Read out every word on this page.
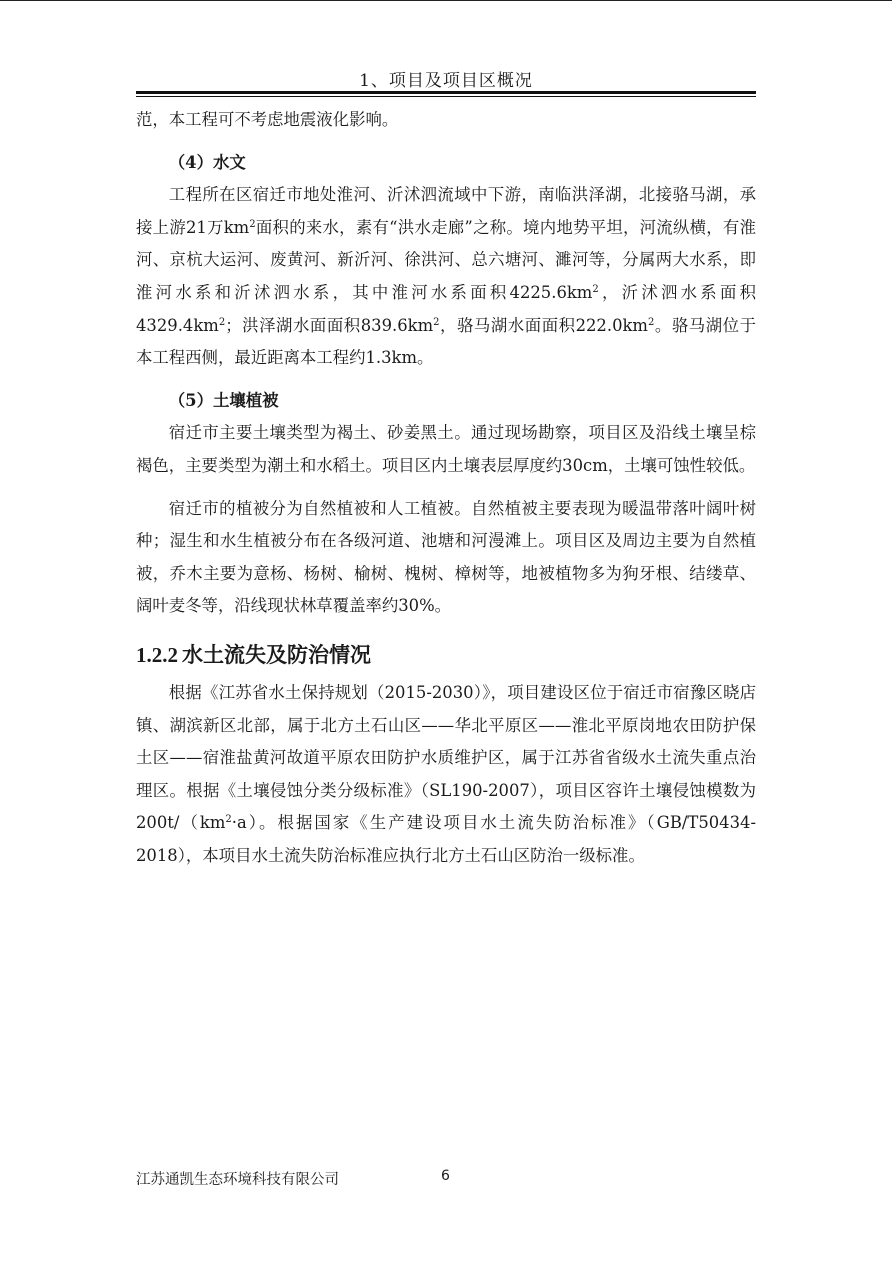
1、项目及项目区概况

范，本工程可不考虑地震液化影响。

（4）水文

工程所在区宿迁市地处淮河、沂沭泗流域中下游，南临洪泽湖，北接骆马湖，承接上游21万$km^2$面积的来水，素有“洪水走廊”之称。境内地势平坦，河流纵横，有淮河、京杭大运河、废黄河、新沂河、徐洪河、总六塘河、濉河等，分属两大水系，即淮河水系和沂沭泗水系，其中淮河水系面积$4225.6km^2$，沂沭泗水系面积$4329.4km^2$；洪泽湖水面面积$839.6km^2$，骆马湖水面面积$222.0km^2$。骆马湖位于本工程西侧，最近距离本工程约1.3km。

（5）土壤植被

宿迁市主要土壤类型为褐土、砂姜黑土。通过现场勘察，项目区及沿线土壤呈棕褐色，主要类型为潮土和水稻土。项目区内土壤表层厚度约30cm，土壤可蚀性较低。

宿迁市的植被分为自然植被和人工植被。自然植被主要表现为暖温带落叶阔叶树种；湿生和水生植被分布在各级河道、池塘和河漫滩上。项目区及周边主要为自然植被，乔木主要为意杨、杨树、榆树、槐树、樟树等，地被植物多为狗牙根、结缕草、阔叶麦冬等，沿线现状林草覆盖率约30%。

1.2.2 水土流失及防治情况

根据《江苏省水土保持规划（2015-2030）》，项目建设区位于宿迁市宿豫区晓店镇、湖滨新区北部，属于北方土石山区——华北平原区——淮北平原岗地农田防护保土区——宿淮盐黄河故道平原农田防护水质维护区，属于江苏省省级水土流失重点治理区。根据《土壤侵蚀分类分级标准》（SL190-2007），项目区容许土壤侵蚀模数为$200t/(km^2\cdot a)$。根据国家《生产建设项目水土流失防治标准》（GB/T50434-2018），本项目水土流失防治标准应执行北方土石山区防治一级标准。

江苏通凯生态环境科技有限公司	6
